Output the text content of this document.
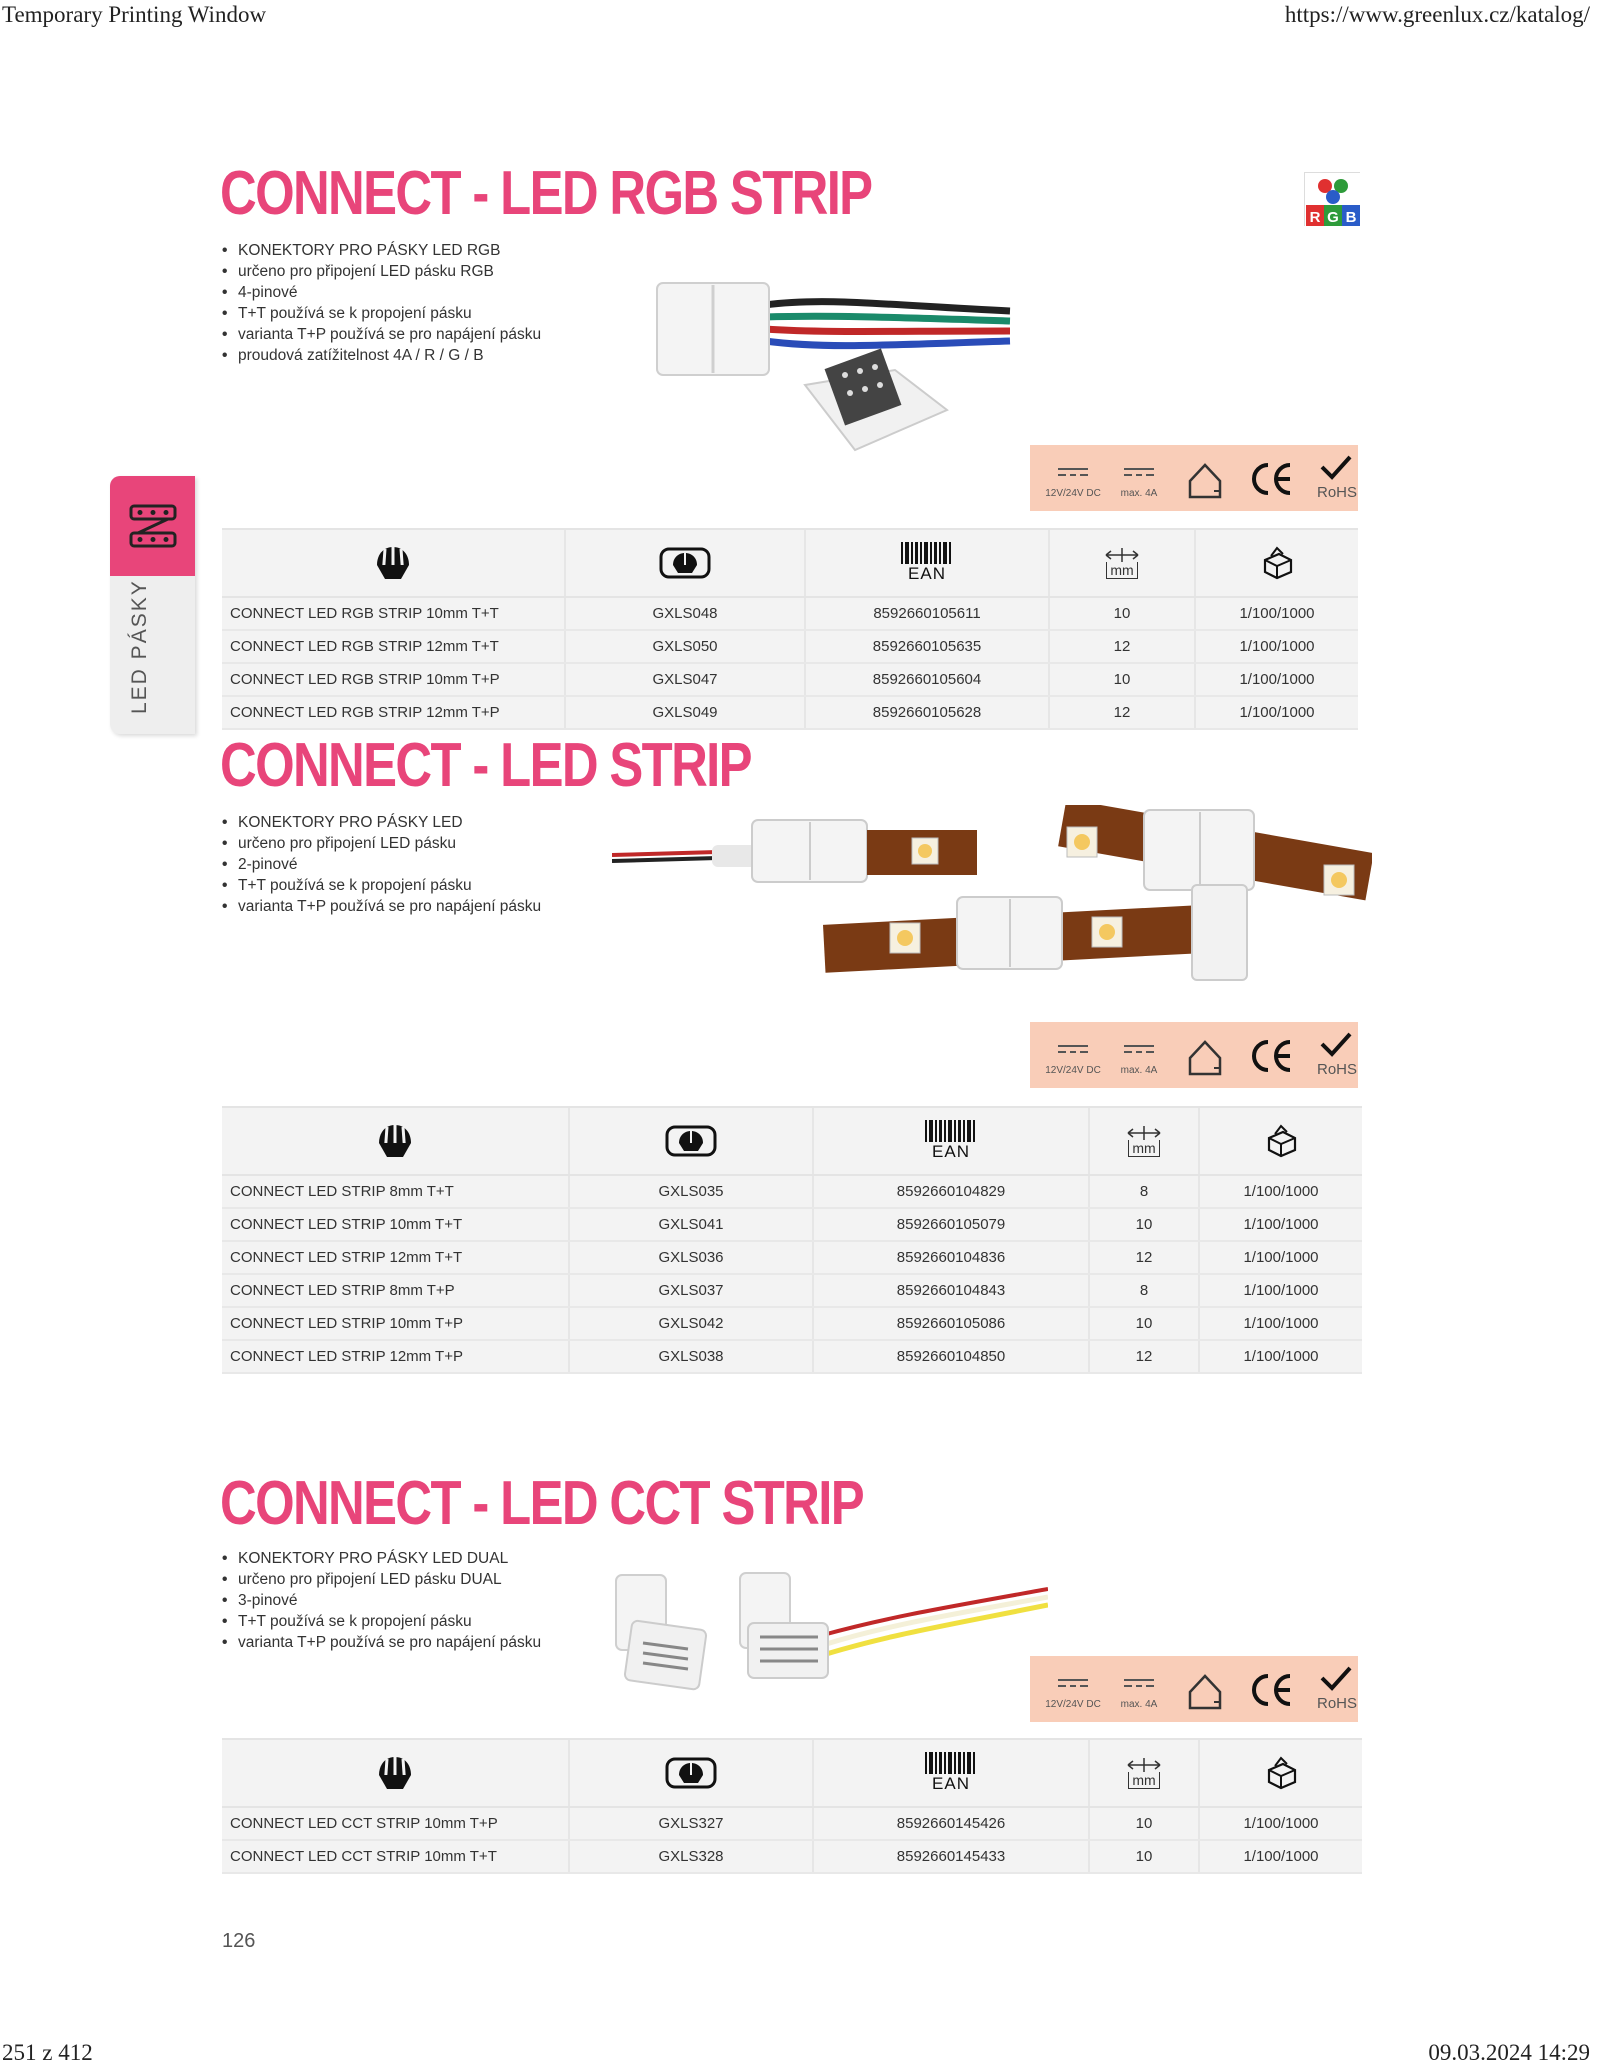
Temporary Printing Window	https://www.greenlux.cz/katalog/
251 z 412	09.03.2024 14:29
LED PÁSKY
CONNECT - LED RGB STRIP	R G B
• KONEKTORY PRO PÁSKY LED RGB
• určeno pro připojení LED pásku RGB
• 4-pinové
• T+T používá se k propojení pásku
• varianta T+P používá se pro napájení pásku
• proudová zatížitelnost 4A / R / G / B
12V/24V DC	max. 4A	RoHS
EAN	mm
CONNECT LED RGB STRIP 10mm T+T	GXLS048	8592660105611	10	1/100/1000
CONNECT LED RGB STRIP 12mm T+T	GXLS050	8592660105635	12	1/100/1000
CONNECT LED RGB STRIP 10mm T+P	GXLS047	8592660105604	10	1/100/1000
CONNECT LED RGB STRIP 12mm T+P	GXLS049	8592660105628	12	1/100/1000
CONNECT - LED STRIP
• KONEKTORY PRO PÁSKY LED
• určeno pro připojení LED pásku
• 2-pinové
• T+T používá se k propojení pásku
• varianta T+P používá se pro napájení pásku
12V/24V DC	max. 4A	RoHS
EAN	mm
CONNECT LED STRIP 8mm T+T	GXLS035	8592660104829	8	1/100/1000
CONNECT LED STRIP 10mm T+T	GXLS041	8592660105079	10	1/100/1000
CONNECT LED STRIP 12mm T+T	GXLS036	8592660104836	12	1/100/1000
CONNECT LED STRIP 8mm T+P	GXLS037	8592660104843	8	1/100/1000
CONNECT LED STRIP 10mm T+P	GXLS042	8592660105086	10	1/100/1000
CONNECT LED STRIP 12mm T+P	GXLS038	8592660104850	12	1/100/1000
CONNECT - LED CCT STRIP
• KONEKTORY PRO PÁSKY LED DUAL
• určeno pro připojení LED pásku DUAL
• 3-pinové
• T+T používá se k propojení pásku
• varianta T+P používá se pro napájení pásku
12V/24V DC	max. 4A	RoHS
EAN	mm
CONNECT LED CCT STRIP 10mm T+P	GXLS327	8592660145426	10	1/100/1000
CONNECT LED CCT STRIP 10mm T+T	GXLS328	8592660145433	10	1/100/1000
126
